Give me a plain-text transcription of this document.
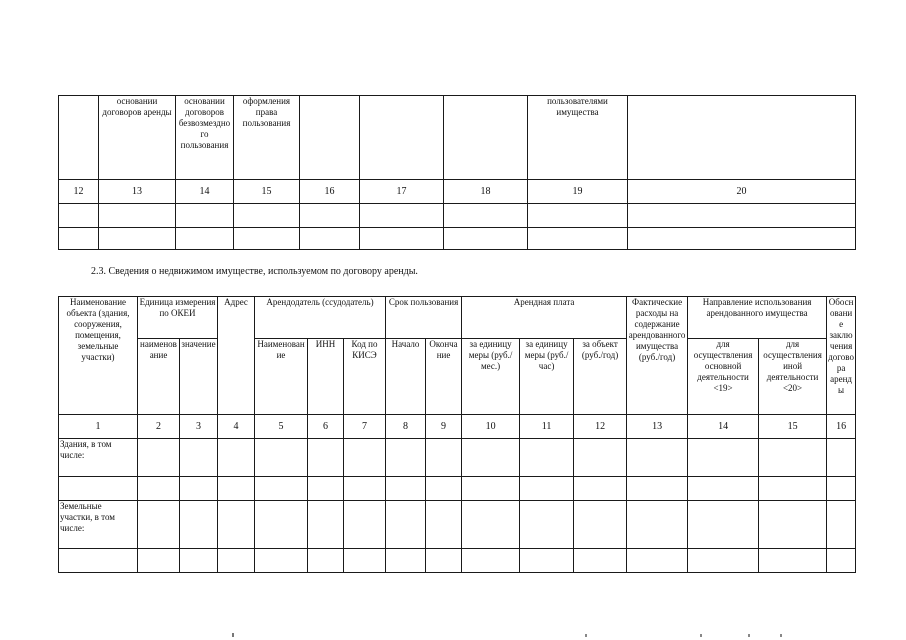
	основании договоров аренды	основании договоров безвозмездного пользования	оформления права пользования				пользователями имущества	
12	13	14	15	16	17	18	19	20

2.3. Сведения о недвижимом имуществе, используемом по договору аренды.
Наименование объекта (здания, сооружения, помещения, земельные участки)	Единица измерения по ОКЕИ		Адрес	Арендодатель (ссудодатель)			Срок пользования		Арендная плата			Фактические расходы на содержание арендованного имущества (руб./год)	Направление использования арендованного имущества		Обоснование заключения договора аренды
	наименование	значение		Наименование	ИНН	Код по КИСЭ	Начало	Окончание	за единицу меры (руб./мес.)	за единицу меры (руб./час)	за объект (руб./год)		для осуществления основной деятельности <19>	для осуществления иной деятельности <20>	
1	2	3	4	5	6	7	8	9	10	11	12	13	14	15	16
Здания, в том числе:															

Земельные участки, в том числе:															
